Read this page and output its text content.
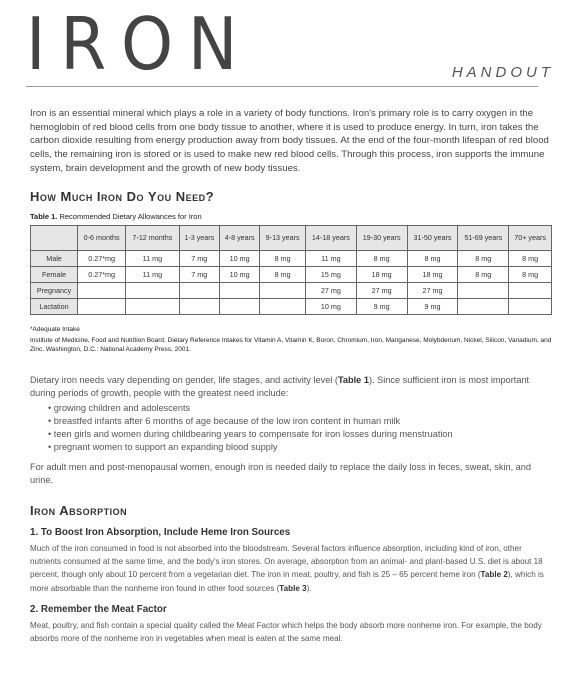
IRON	HANDOUT
Iron is an essential mineral which plays a role in a variety of body functions. Iron's primary role is to carry oxygen in the hemoglobin of red blood cells from one body tissue to another, where it is used to produce energy. In turn, iron takes the carbon dioxide resulting from energy production away from body tissues. At the end of the four-month lifespan of red blood cells, the remaining iron is stored or is used to make new red blood cells. Through this process, iron supports the immune system, brain development and the growth of new body tissues.
How Much Iron Do You Need?
Table 1. Recommended Dietary Allowances for Iron
	0-6 months	7-12 months	1-3 years	4-8 years	9-13 years	14-18 years	19-30 years	31-50 years	51-69 years	70+ years
Male	0.27*mg	11 mg	7 mg	10 mg	8 mg	11 mg	8 mg	8 mg	8 mg	8 mg
Female	0.27*mg	11 mg	7 mg	10 mg	8 mg	15 mg	18 mg	18 mg	8 mg	8 mg
Pregnancy						27 mg	27 mg	27 mg		
Lactation						10 mg	9 mg	9 mg		
*Adequate Intake
Institute of Medicine, Food and Nutrition Board. Dietary Reference Intakes for Vitamin A, Vitamin K, Boron, Chromium, Iron, Manganese, Molybdenum, Nickel, Silicon, Vanadium, and Zinc. Washington, D.C.: National Academy Press, 2001.
Dietary iron needs vary depending on gender, life stages, and activity level (Table 1). Since sufficient iron is most important during periods of growth, people with the greatest need include:
• growing children and adolescents
• breastfed infants after 6 months of age because of the low iron content in human milk
• teen girls and women during childbearing years to compensate for iron losses during menstruation
• pregnant women to support an expanding blood supply
For adult men and post-menopausal women, enough iron is needed daily to replace the daily loss in feces, sweat, skin, and urine.
Iron Absorption
1. To Boost Iron Absorption, Include Heme Iron Sources
Much of the iron consumed in food is not absorbed into the bloodstream. Several factors influence absorption, including kind of iron, other nutrients consumed at the same time, and the body's iron stores. On average, absorption from an animal- and plant-based U.S. diet is about 18 percent, though only about 10 percent from a vegetarian diet. The iron in meat, poultry, and fish is 25 – 65 percent heme iron (Table 2), which is more absorbable than the nonheme iron found in other food sources (Table 3).
2. Remember the Meat Factor
Meat, poultry, and fish contain a special quality called the Meat Factor which helps the body absorb more nonheme iron. For example, the body absorbs more of the nonheme iron in vegetables when meat is eaten at the same meal.
